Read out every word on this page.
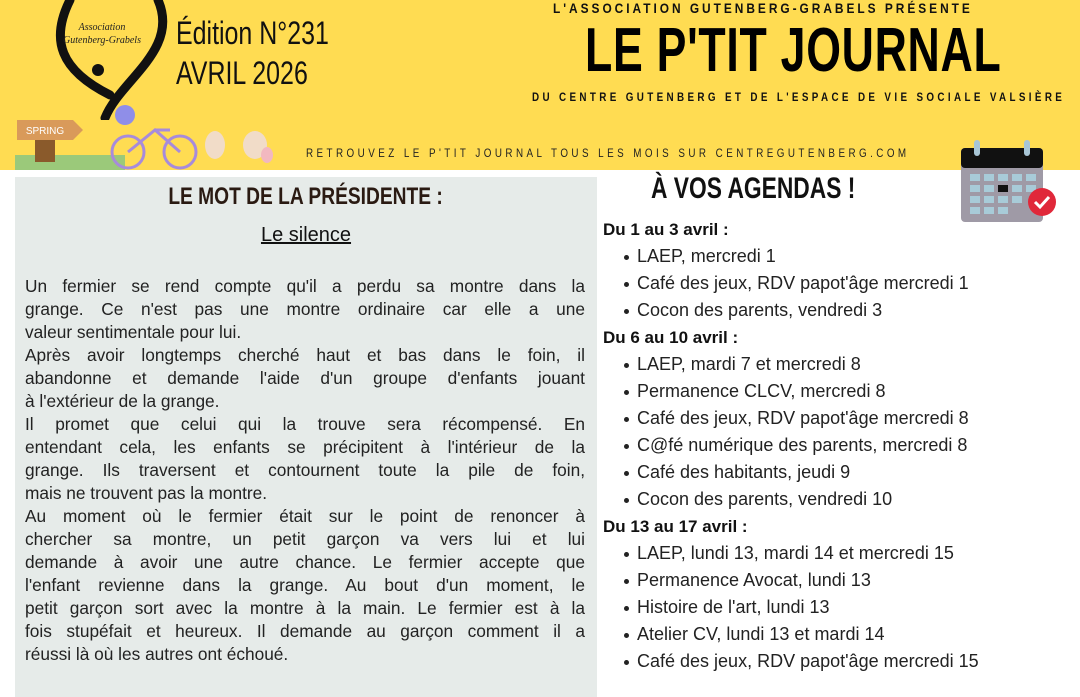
Association
Gutenberg-Grabels
SPRING
Édition N°231
AVRIL 2026
L'ASSOCIATION GUTENBERG-GRABELS PRÉSENTE
LE P'TIT JOURNAL
DU CENTRE GUTENBERG ET DE L'ESPACE DE VIE SOCIALE VALSIÈRE
RETROUVEZ LE P'TIT JOURNAL TOUS LES MOIS SUR CENTREGUTENBERG.COM
LE MOT DE LA PRÉSIDENTE :
Le silence
Un fermier se rend compte qu'il a perdu sa montre dans la
grange. Ce n'est pas une montre ordinaire car elle a une
valeur sentimentale pour lui.
Après avoir longtemps cherché haut et bas dans le foin, il
abandonne et demande l'aide d'un groupe d'enfants jouant
à l'extérieur de la grange.
Il promet que celui qui la trouve sera récompensé. En
entendant cela, les enfants se précipitent à l'intérieur de la
grange. Ils traversent et contournent toute la pile de foin,
mais ne trouvent pas la montre.
Au moment où le fermier était sur le point de renoncer à
chercher sa montre, un petit garçon va vers lui et lui
demande à avoir une autre chance. Le fermier accepte que
l'enfant revienne dans la grange. Au bout d'un moment, le
petit garçon sort avec la montre à la main. Le fermier est à la
fois stupéfait et heureux. Il demande au garçon comment il a
réussi là où les autres ont échoué.
À VOS AGENDAS !
Du 1 au 3 avril :
LAEP, mercredi 1
Café des jeux, RDV papot'âge mercredi 1
Cocon des parents, vendredi 3
Du 6 au 10 avril :
LAEP, mardi 7 et mercredi 8
Permanence CLCV, mercredi 8
Café des jeux, RDV papot'âge mercredi 8
C@fé numérique des parents, mercredi 8
Café des habitants, jeudi 9
Cocon des parents, vendredi 10
Du 13 au 17 avril :
LAEP, lundi 13, mardi 14 et mercredi 15
Permanence Avocat, lundi 13
Histoire de l'art, lundi 13
Atelier CV, lundi 13 et mardi 14
Café des jeux, RDV papot'âge mercredi 15
